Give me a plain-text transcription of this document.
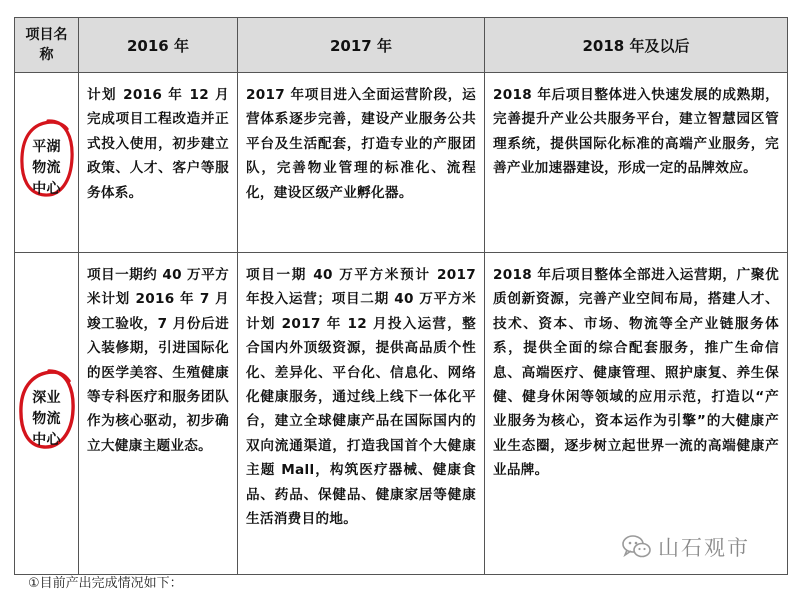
项目名称	2016 年	2017 年	2018 年及以后

平湖物流中心	计划 2016 年 12 月完成项目工程改造并正式投入使用，初步建立政策、人才、客户等服务体系。	2017 年项目进入全面运营阶段，运营体系逐步完善，建设产业服务公共平台及生活配套，打造专业的产服团队，完善物业管理的标准化、流程化，建设区级产业孵化器。	2018 年后项目整体进入快速发展的成熟期，完善提升产业公共服务平台，建立智慧园区管理系统，提供国际化标准的高端产业服务，完善产业加速器建设，形成一定的品牌效应。

深业物流中心	项目一期约 40 万平方米计划 2016 年 7 月竣工验收，7 月份后进入装修期，引进国际化的医学美容、生殖健康等专科医疗和服务团队作为核心驱动，初步确立大健康主题业态。	项目一期 40 万平方米预计 2017 年投入运营；项目二期 40 万平方米计划 2017 年 12 月投入运营，整合国内外顶级资源，提供高品质个性化、差异化、平台化、信息化、网络化健康服务，通过线上线下一体化平台，建立全球健康产品在国际国内的双向流通渠道，打造我国首个大健康主题 Mall，构筑医疗器械、健康食品、药品、保健品、健康家居等健康生活消费目的地。	2018 年后项目整体全部进入运营期，广聚优质创新资源，完善产业空间布局，搭建人才、技术、资本、市场、物流等全产业链服务体系，提供全面的综合配套服务，推广生命信息、高端医疗、健康管理、照护康复、养生保健、健身休闲等领域的应用示范，打造以“产业服务为核心，资本运作为引擎”的大健康产业生态圈，逐步树立起世界一流的高端健康产业品牌。
山石观市
①目前产出完成情况如下：
